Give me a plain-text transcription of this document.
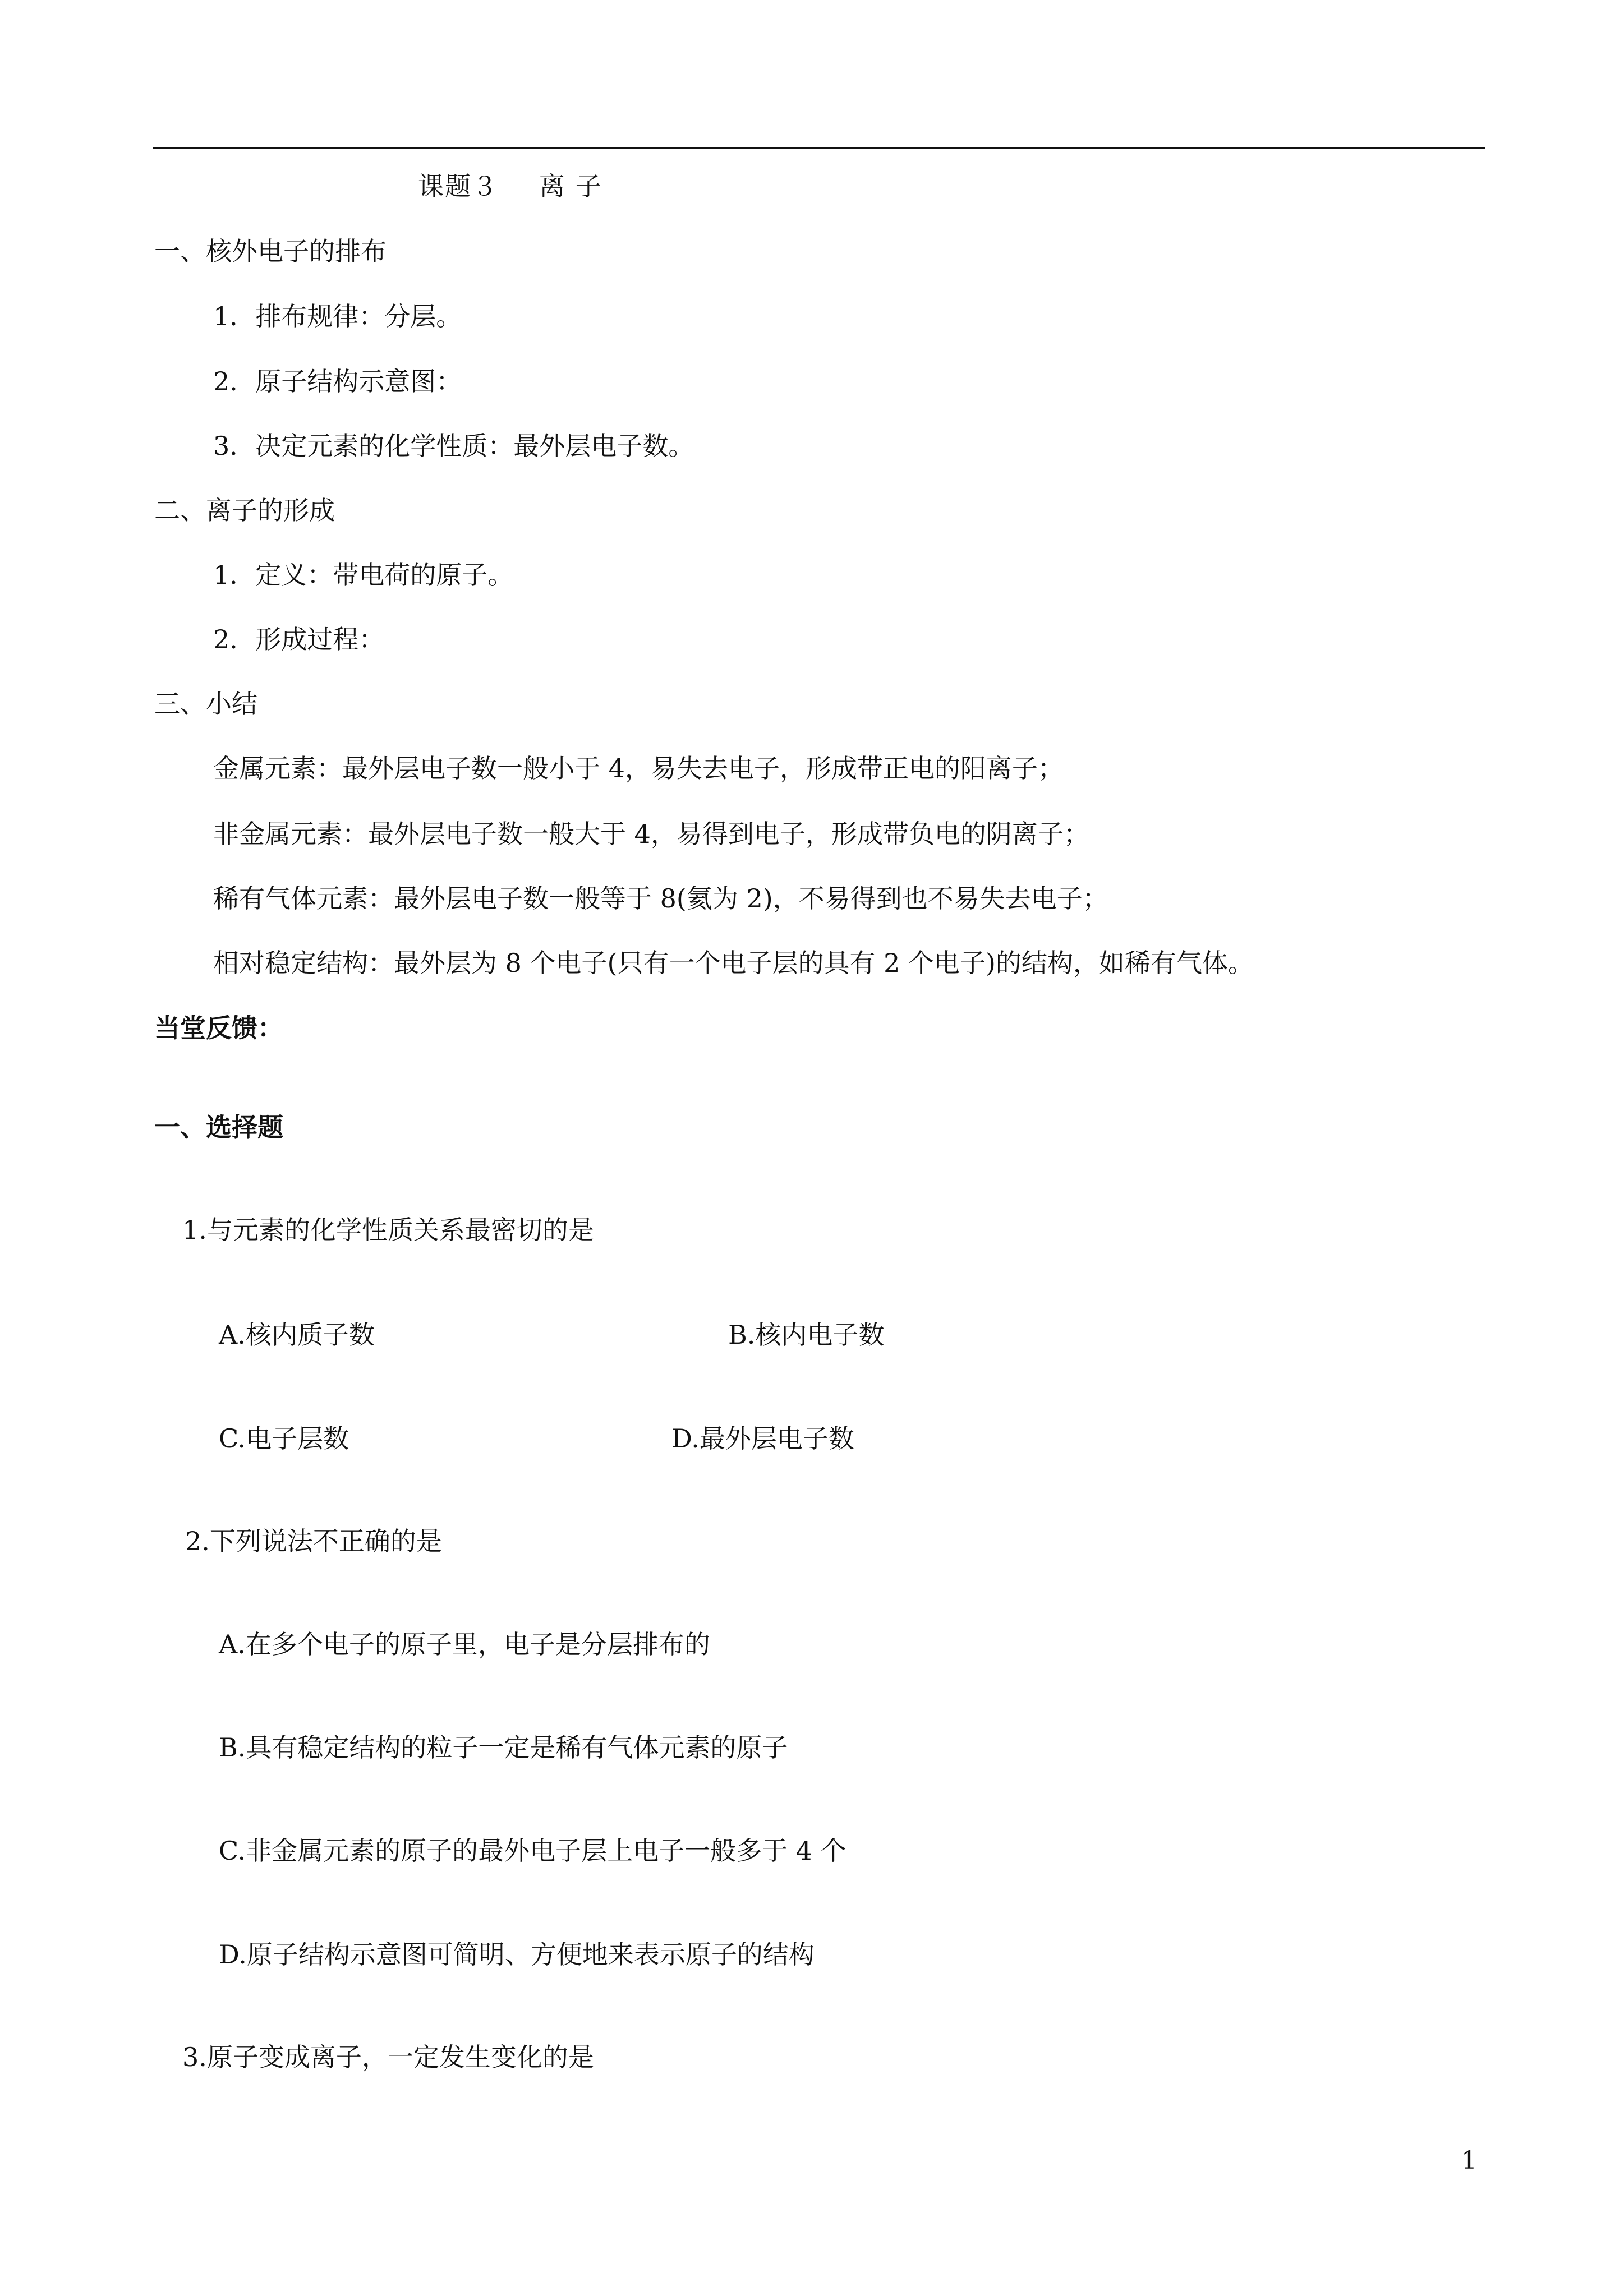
课题３ 离 子
一、核外电子的排布
1．排布规律：分层。
2．原子结构示意图：
3．决定元素的化学性质：最外层电子数。
二、离子的形成
1．定义：带电荷的原子。
2．形成过程：
三、小结
金属元素：最外层电子数一般小于 4，易失去电子，形成带正电的阳离子；
非金属元素：最外层电子数一般大于 4，易得到电子，形成带负电的阴离子；
稀有气体元素：最外层电子数一般等于 8(氦为 2)，不易得到也不易失去电子；
相对稳定结构：最外层为 8 个电子(只有一个电子层的具有 2 个电子)的结构，如稀有气体。
当堂反馈：
一、选择题
1.与元素的化学性质关系最密切的是
A.核内质子数	B.核内电子数
C.电子层数	D.最外层电子数
2.下列说法不正确的是
A.在多个电子的原子里，电子是分层排布的
B.具有稳定结构的粒子一定是稀有气体元素的原子
C.非金属元素的原子的最外电子层上电子一般多于 4 个
D.原子结构示意图可简明、方便地来表示原子的结构
3.原子变成离子，一定发生变化的是
1
